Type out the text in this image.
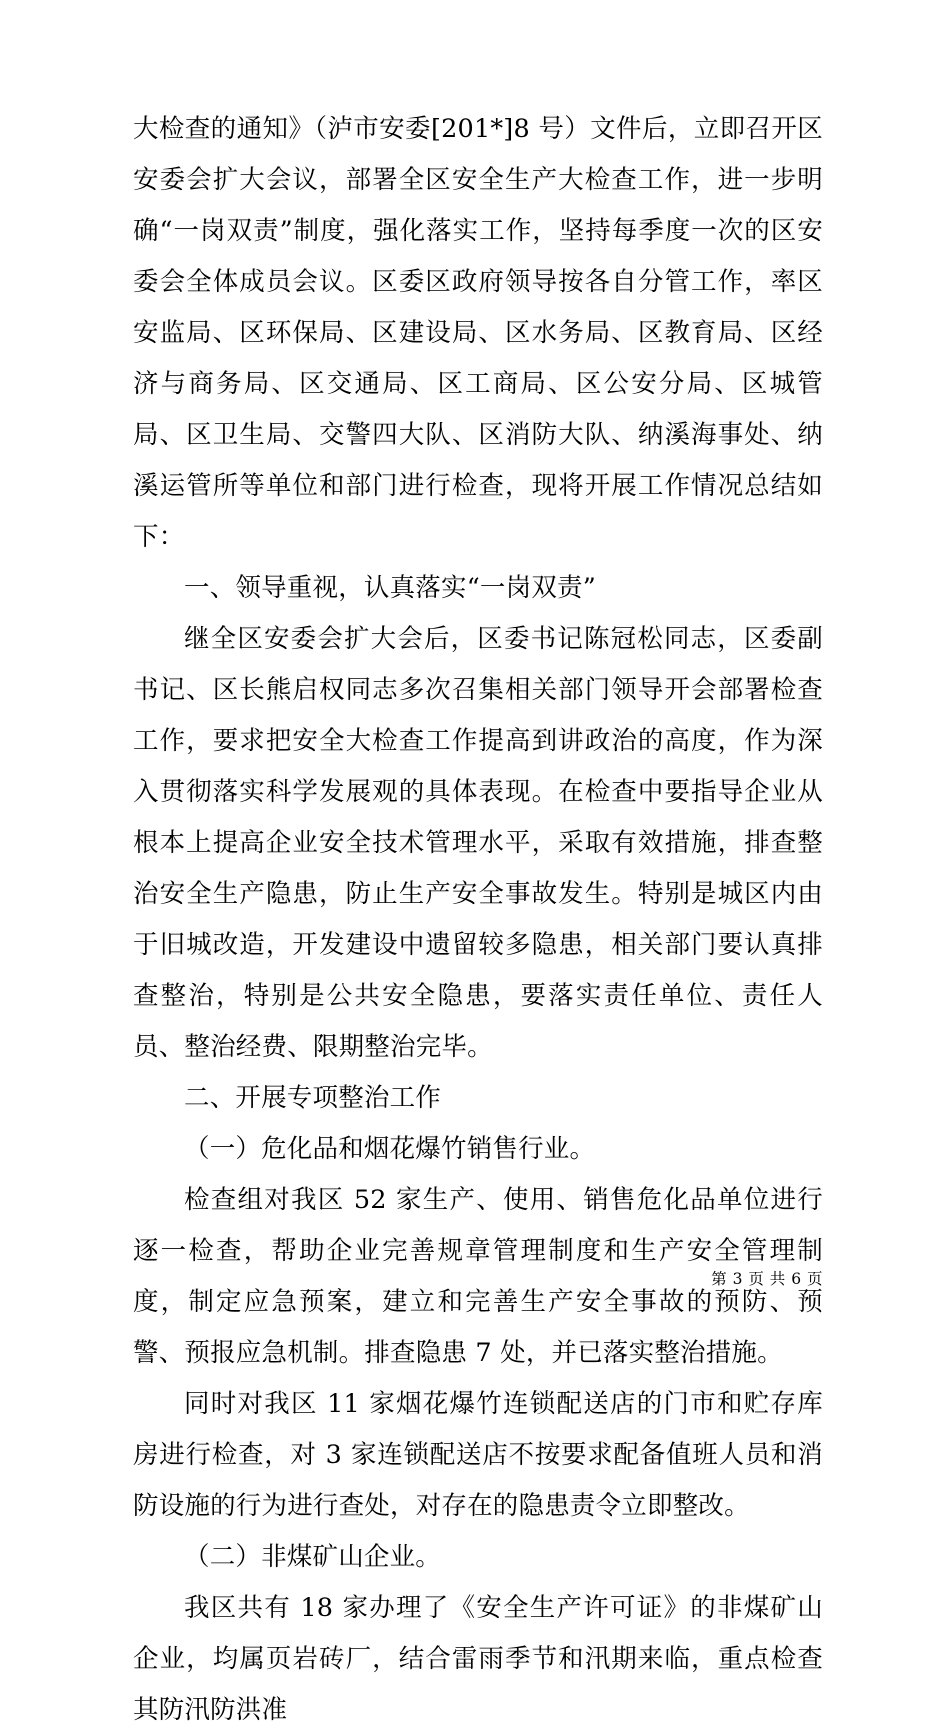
大检查的通知》（泸市安委[201*]8 号）文件后，立即召开区安委会扩大会议，部署全区安全生产大检查工作，进一步明确“一岗双责”制度，强化落实工作，坚持每季度一次的区安委会全体成员会议。区委区政府领导按各自分管工作，率区安监局、区环保局、区建设局、区水务局、区教育局、区经济与商务局、区交通局、区工商局、区公安分局、区城管局、区卫生局、交警四大队、区消防大队、纳溪海事处、纳溪运管所等单位和部门进行检查，现将开展工作情况总结如下：

一、领导重视，认真落实“一岗双责”

继全区安委会扩大会后，区委书记陈冠松同志，区委副书记、区长熊启权同志多次召集相关部门领导开会部署检查工作，要求把安全大检查工作提高到讲政治的高度，作为深入贯彻落实科学发展观的具体表现。在检查中要指导企业从根本上提高企业安全技术管理水平，采取有效措施，排查整治安全生产隐患，防止生产安全事故发生。特别是城区内由于旧城改造，开发建设中遗留较多隐患，相关部门要认真排查整治，特别是公共安全隐患，要落实责任单位、责任人员、整治经费、限期整治完毕。

二、开展专项整治工作

（一）危化品和烟花爆竹销售行业。

检查组对我区 52 家生产、使用、销售危化品单位进行逐一检查，帮助企业完善规章管理制度和生产安全管理制度，制定应急预案，建立和完善生产安全事故的预防、预警、预报应急机制。排查隐患 7 处，并已落实整治措施。

同时对我区 11 家烟花爆竹连锁配送店的门市和贮存库房进行检查，对 3 家连锁配送店不按要求配备值班人员和消防设施的行为进行查处，对存在的隐患责令立即整改。

（二）非煤矿山企业。

我区共有 18 家办理了《安全生产许可证》的非煤矿山企业，均属页岩砖厂，结合雷雨季节和汛期来临，重点检查其防汛防洪准

第 3 页 共 6 页
